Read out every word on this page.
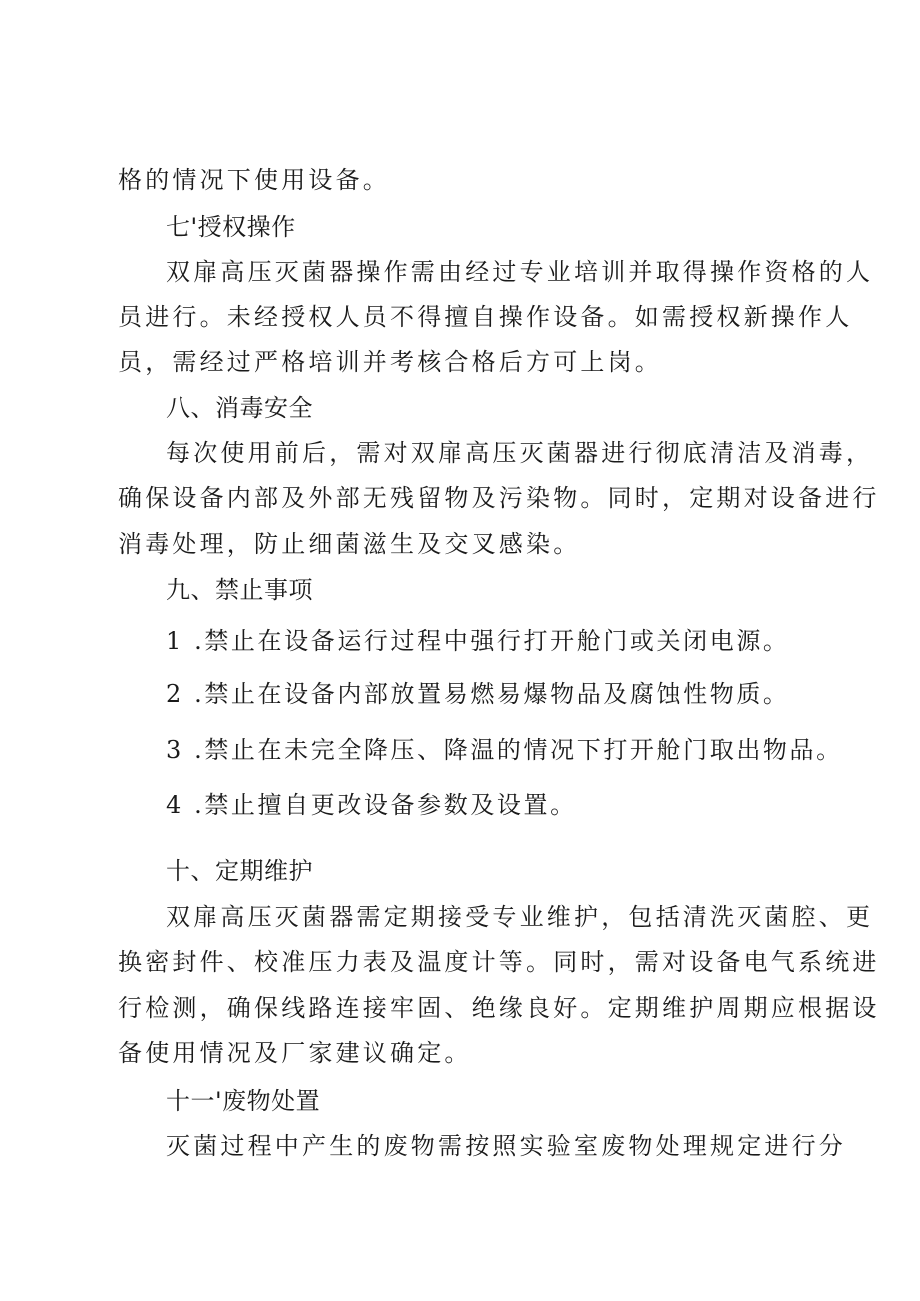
格的情况下使用设备。
七'授权操作
双扉高压灭菌器操作需由经过专业培训并取得操作资格的人
员进行。未经授权人员不得擅自操作设备。如需授权新操作人
员，需经过严格培训并考核合格后方可上岗。
八、消毒安全
每次使用前后，需对双扉高压灭菌器进行彻底清洁及消毒，
确保设备内部及外部无残留物及污染物。同时，定期对设备进行
消毒处理，防止细菌滋生及交叉感染。
九、禁止事项
1 .禁止在设备运行过程中强行打开舱门或关闭电源。
2 .禁止在设备内部放置易燃易爆物品及腐蚀性物质。
3 .禁止在未完全降压、降温的情况下打开舱门取出物品。
4 .禁止擅自更改设备参数及设置。
十、定期维护
双扉高压灭菌器需定期接受专业维护，包括清洗灭菌腔、更
换密封件、校准压力表及温度计等。同时，需对设备电气系统进
行检测，确保线路连接牢固、绝缘良好。定期维护周期应根据设
备使用情况及厂家建议确定。
十一'废物处置
灭菌过程中产生的废物需按照实验室废物处理规定进行分
